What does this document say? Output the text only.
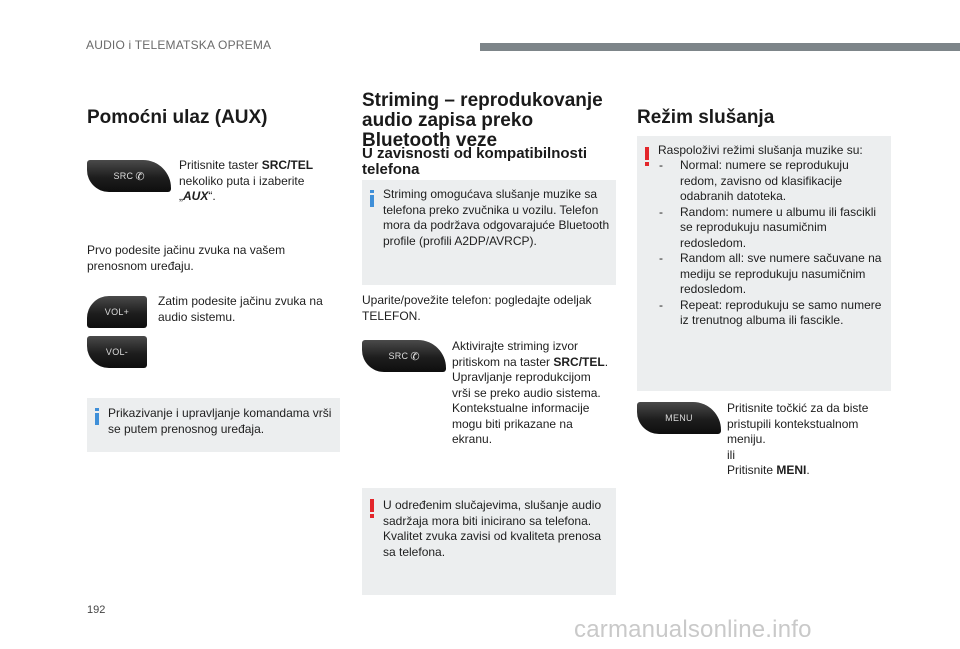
AUDIO i TELEMATSKA OPREMA
Pomoćni ulaz (AUX)
SRC ✆
Pritisnite taster SRC/TEL nekoliko puta i izaberite „AUX“.
Prvo podesite jačinu zvuka na vašem prenosnom uređaju.
VOL+
VOL-
Zatim podesite jačinu zvuka na audio sistemu.
Prikazivanje i upravljanje komandama vrši se putem prenosnog uređaja.
Striming – reprodukovanje audio zapisa preko Bluetooth veze
U zavisnosti od kompatibilnosti telefona
Striming omogućava slušanje muzike sa telefona preko zvučnika u vozilu. Telefon mora da podržava odgovarajuće Bluetooth profile (profili A2DP/AVRCP).
Uparite/povežite telefon: pogledajte odeljak TELEFON.
SRC ✆
Aktivirajte striming izvor pritiskom na taster SRC/TEL. Upravljanje reprodukcijom vrši se preko audio sistema. Kontekstualne informacije mogu biti prikazane na ekranu.
U određenim slučajevima, slušanje audio sadržaja mora biti inicirano sa telefona. Kvalitet zvuka zavisi od kvaliteta prenosa sa telefona.
Režim slušanja
Raspoloživi režimi slušanja muzike su:
- Normal: numere se reprodukuju redom, zavisno od klasifikacije odabranih datoteka.
- Random: numere u albumu ili fascikli se reprodukuju nasumičnim redosledom.
- Random all: sve numere sačuvane na mediju se reprodukuju nasumičnim redosledom.
- Repeat: reprodukuju se samo numere iz trenutnog albuma ili fascikle.
MENU
Pritisnite točkić za da biste pristupili kontekstualnom meniju.
ili
Pritisnite MENI.
192
carmanualsonline.info
